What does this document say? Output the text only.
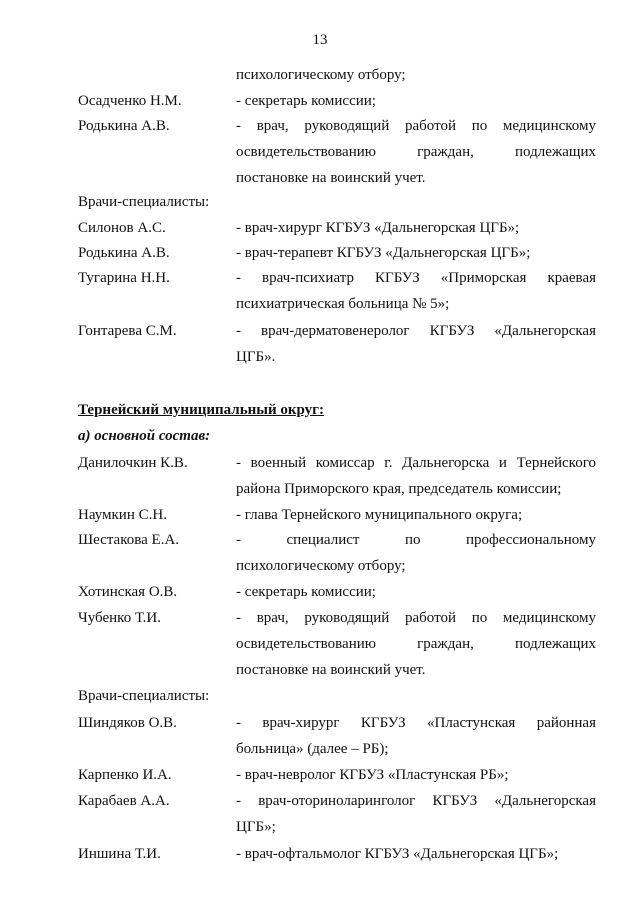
13
психологическому отбору;
Осадченко Н.М.	- секретарь комиссии;
Родькина А.В.	- врач, руководящий работой по медицинскому
освидетельствованию граждан, подлежащих
постановке на воинский учет.
Врачи-специалисты:
Силонов А.С.	- врач-хирург КГБУЗ «Дальнегорская ЦГБ»;
Родькина А.В.	- врач-терапевт КГБУЗ «Дальнегорская ЦГБ»;
Тугарина Н.Н.	- врач-психиатр КГБУЗ «Приморская краевая
психиатрическая больница № 5»;
Гонтарева С.М.	- врач-дерматовенеролог КГБУЗ «Дальнегорская
ЦГБ».
Тернейский муниципальный округ:
а) основной состав:
Данилочкин К.В.	- военный комиссар г. Дальнегорска и Тернейского
района Приморского края, председатель комиссии;
Наумкин С.Н.	- глава Тернейского муниципального округа;
Шестакова Е.А.	- специалист по профессиональному
психологическому отбору;
Хотинская О.В.	- секретарь комиссии;
Чубенко Т.И.	- врач, руководящий работой по медицинскому
освидетельствованию граждан, подлежащих
постановке на воинский учет.
Врачи-специалисты:
Шиндяков О.В.	- врач-хирург КГБУЗ «Пластунская районная
больница» (далее – РБ);
Карпенко И.А.	- врач-невролог КГБУЗ «Пластунская РБ»;
Карабаев А.А.	- врач-оториноларинголог КГБУЗ «Дальнегорская
ЦГБ»;
Иншина Т.И.	- врач-офтальмолог КГБУЗ «Дальнегорская ЦГБ»;
